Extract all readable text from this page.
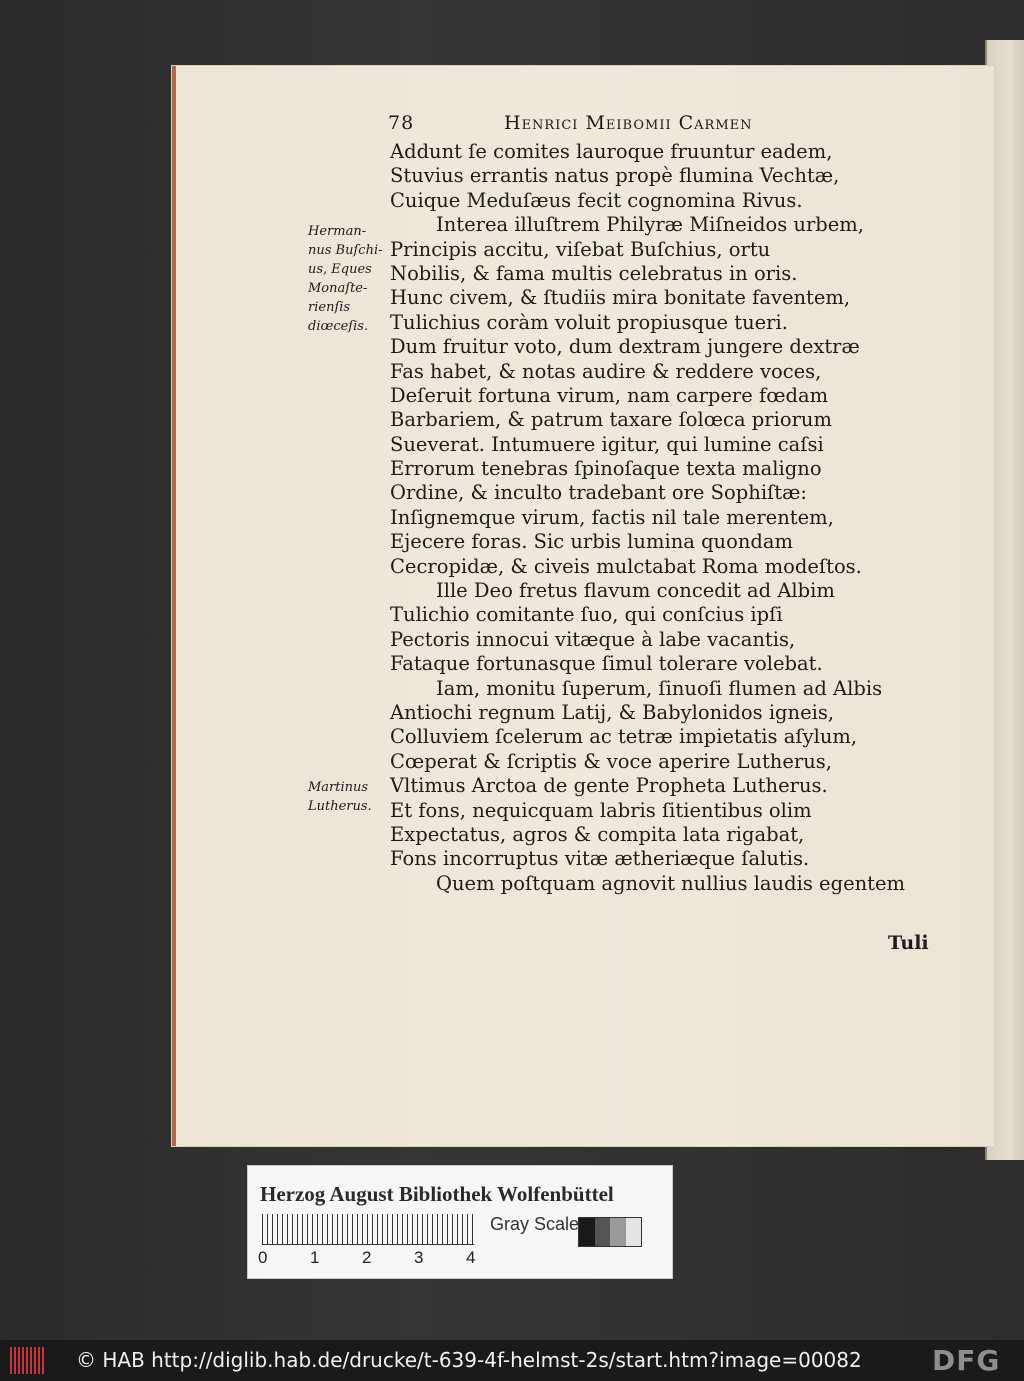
78	Henrici Meibomii Carmen
Herman-
nus Buſchi-
us, Eques
Monaſte-
rienſis
diœceſis.
Martinus
Lutherus.
Addunt ſe comites lauroque fruuntur eadem,
Stuvius errantis natus propè flumina Vechtæ,
Cuique Meduſæus fecit cognomina Rivus.
Interea illuſtrem Philyræ Miſneidos urbem,
Principis accitu, viſebat Buſchius, ortu
Nobilis, & fama multis celebratus in oris.
Hunc civem, & ſtudiis mira bonitate faventem,
Tulichius coràm voluit propiusque tueri.
Dum fruitur voto, dum dextram jungere dextræ
Fas habet, & notas audire & reddere voces,
Deſeruit fortuna virum, nam carpere fœdam
Barbariem, & patrum taxare ſolœca priorum
Sueverat. Intumuere igitur, qui lumine caſsi
Errorum tenebras ſpinoſaque texta maligno
Ordine, & inculto tradebant ore Sophiſtæ:
Inſignemque virum, factis nil tale merentem,
Ejecere foras. Sic urbis lumina quondam
Cecropidæ, & civeis mulctabat Roma modeſtos.
Ille Deo fretus flavum concedit ad Albim
Tulichio comitante ſuo, qui conſcius ipſi
Pectoris innocui vitæque à labe vacantis,
Fataque fortunasque ſimul tolerare volebat.
Iam, monitu ſuperum, ſinuoſi flumen ad Albis
Antiochi regnum Latij, & Babylonidos igneis,
Colluviem ſcelerum ac tetræ impietatis aſylum,
Cœperat & ſcriptis & voce aperire Lutherus,
Vltimus Arctoa de gente Propheta Lutherus.
Et fons, nequicquam labris ſitientibus olim
Expectatus, agros & compita lata rigabat,
Fons incorruptus vitæ ætheriæque ſalutis.
Quem poſtquam agnovit nullius laudis egentem
Tuli
Herzog August Bibliothek Wolfenbüttel
0	1	2	3	4
Gray Scale
© HAB http://diglib.hab.de/drucke/t-639-4f-helmst-2s/start.htm?image=00082	DFG
